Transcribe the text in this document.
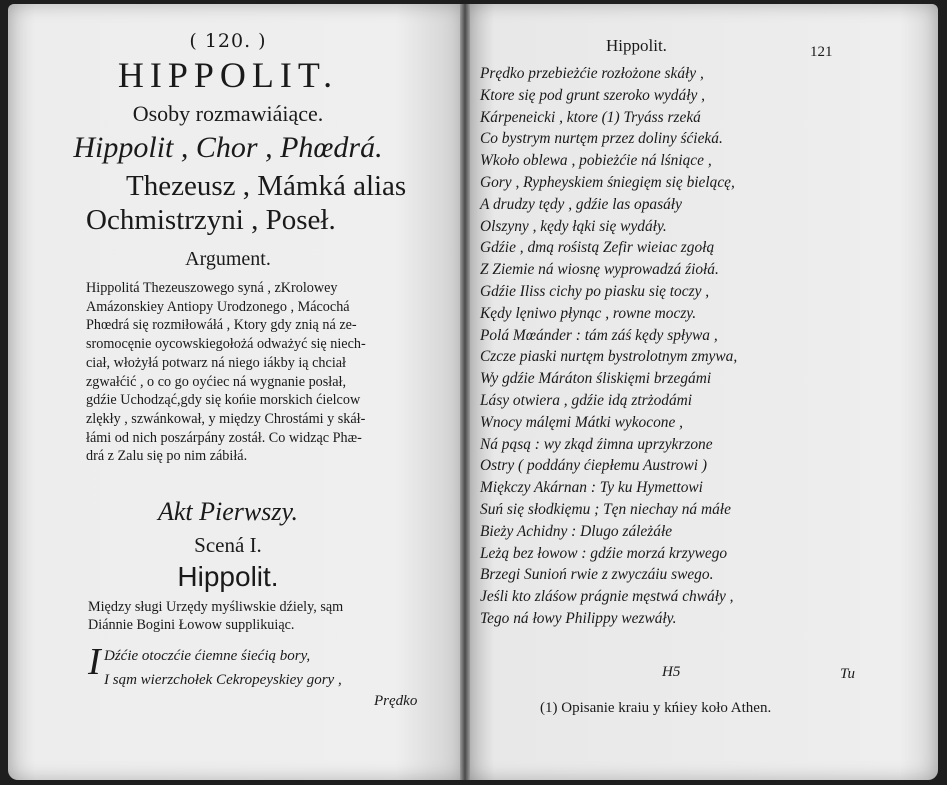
( 120. )
HIPPOLIT.
Osoby rozmawiáiące.
Hippolit , Chor , Phœdrá.
Thezeusz , Mámká alias
Ochmistrzyni , Poseł.
Argument.
Hippolitá Thezeuszowego syná , zKrolowey
Amázonskiey Antiopy Urodzonego , Mácochá
Phœdrá się rozmiłowáłá , Ktory gdy znią ná ze-
sromocęnie oycowskiegołożá odważyć się niech-
ciał, włożyłá potwarz ná niego iákby ią chciał
zgwałćić , o co go oyćiec ná wygnanie posłał,
gdźie Uchodząć,gdy się końie morskich ćielcow
zlękły , szwánkował, y między Chrostámi y skáł-
łámi od nich poszárpány zostáł. Co widząc Phæ-
drá z Zalu się po nim zábiłá.
Akt Pierwszy.
Scená I.
Hippolit.
Między sługi Urzędy myśliwskie dźiely, sąm
Diánnie Bogini Łowow supplikuiąc.
I Dźćie otoczćie ćiemne śiećią bory,
I sąm wierzchołek Cekropeyskiey gory ,
Prędko
Hippolit.	121
Prędko przebieżćie rozłożone skáły ,
Ktore się pod grunt szeroko wydáły ,
Kárpeneicki , ktore (1) Tryáss rzeká
Co bystrym nurtęm przez doliny śćieká.
Wkoło oblewa , pobieżćie ná lśniące ,
Gory , Rypheyskiem śniegięm się bielącę,
A drudzy tędy , gdźie las opasáły
Olszyny , kędy łąki się wydáły.
Gdźie , dmą rośistą Zefir wieiac zgołą
Z Ziemie ná wiosnę wyprowadzá źiołá.
Gdźie Iliss cichy po piasku się toczy ,
Kędy lęniwo płynąc , rowne moczy.
Polá Mœánder : tám záś kędy spływa ,
Czcze piaski nurtęm bystrolotnym zmywa,
Wy gdźie Máráton śliskięmi brzegámi
Lásy otwiera , gdźie idą ztrżodámi
Wnocy málęmi Mátki wykocone ,
Ná pąsą : wy zkąd źimna uprzykrzone
Ostry ( poddány ćiepłemu Austrowi )
Miękczy Akárnan : Ty ku Hymettowi
Suń się słodkięmu ; Tęn niechay ná máłe
Bieży Achidny : Dlugo záleżáłe
Leżą bez łowow : gdźie morzá krzywego
Brzegi Sunioń rwie z zwyczáiu swego.
Jeśli kto zláśow prágnie męstwá chwáły ,
Tego ná łowy Philippy wezwáły.
H5	Tu
(1) Opisanie kraiu y kńiey koło Athen.
